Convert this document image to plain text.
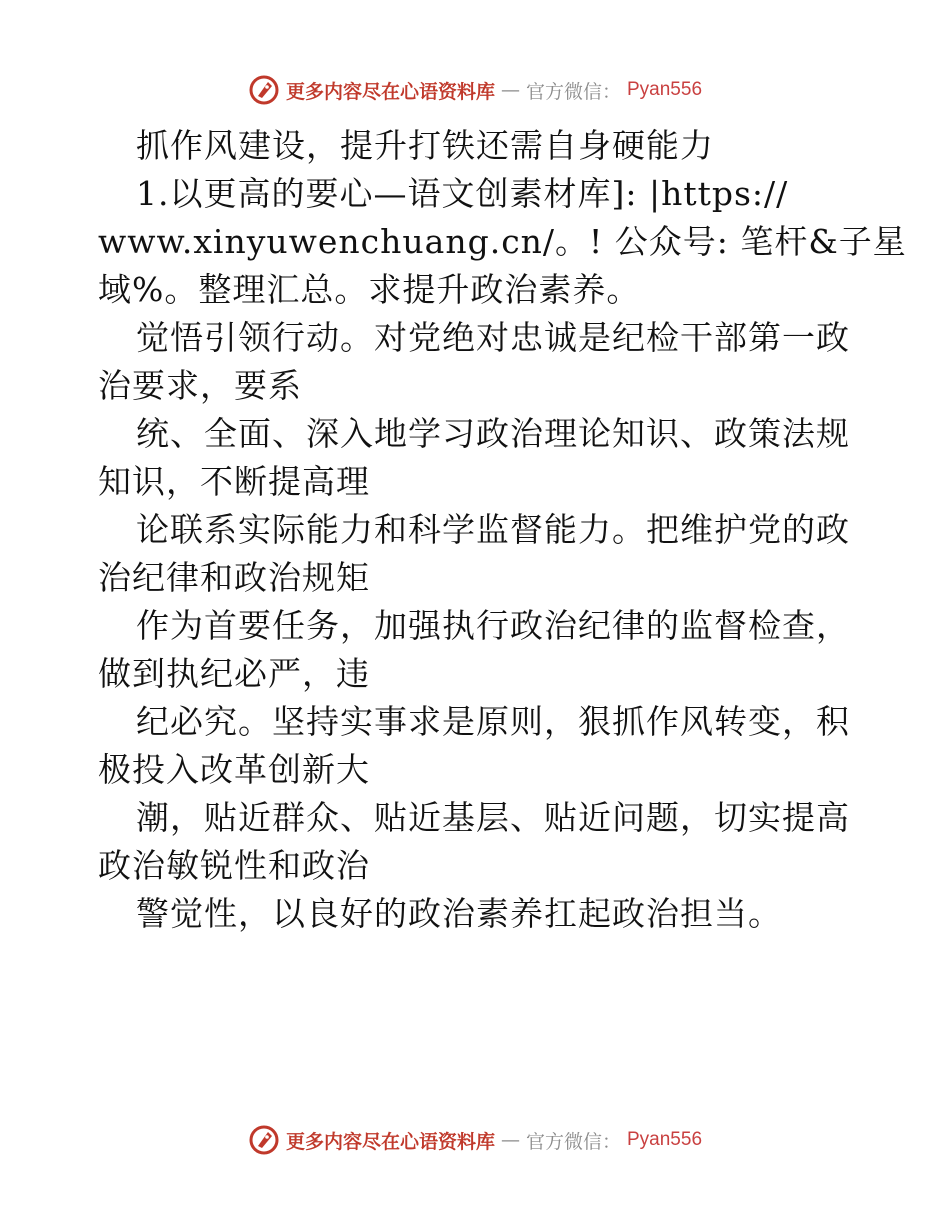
更多内容尽在心语资料库 — 官方微信： Pyan556
抓作风建设，提升打铁还需自身硬能力
1.以更高的要心—语文创素材库]: |https://
www.xinyuwenchuang.cn/。! 公众号: 笔杆&子星
域%。整理汇总。求提升政治素养。
觉悟引领行动。对党绝对忠诚是纪检干部第一政
治要求，要系
统、全面、深入地学习政治理论知识、政策法规
知识，不断提高理
论联系实际能力和科学监督能力。把维护党的政
治纪律和政治规矩
作为首要任务，加强执行政治纪律的监督检查，
做到执纪必严，违
纪必究。坚持实事求是原则，狠抓作风转变，积
极投入改革创新大
潮，贴近群众、贴近基层、贴近问题，切实提高
政治敏锐性和政治
警觉性，以良好的政治素养扛起政治担当。
更多内容尽在心语资料库 — 官方微信： Pyan556
